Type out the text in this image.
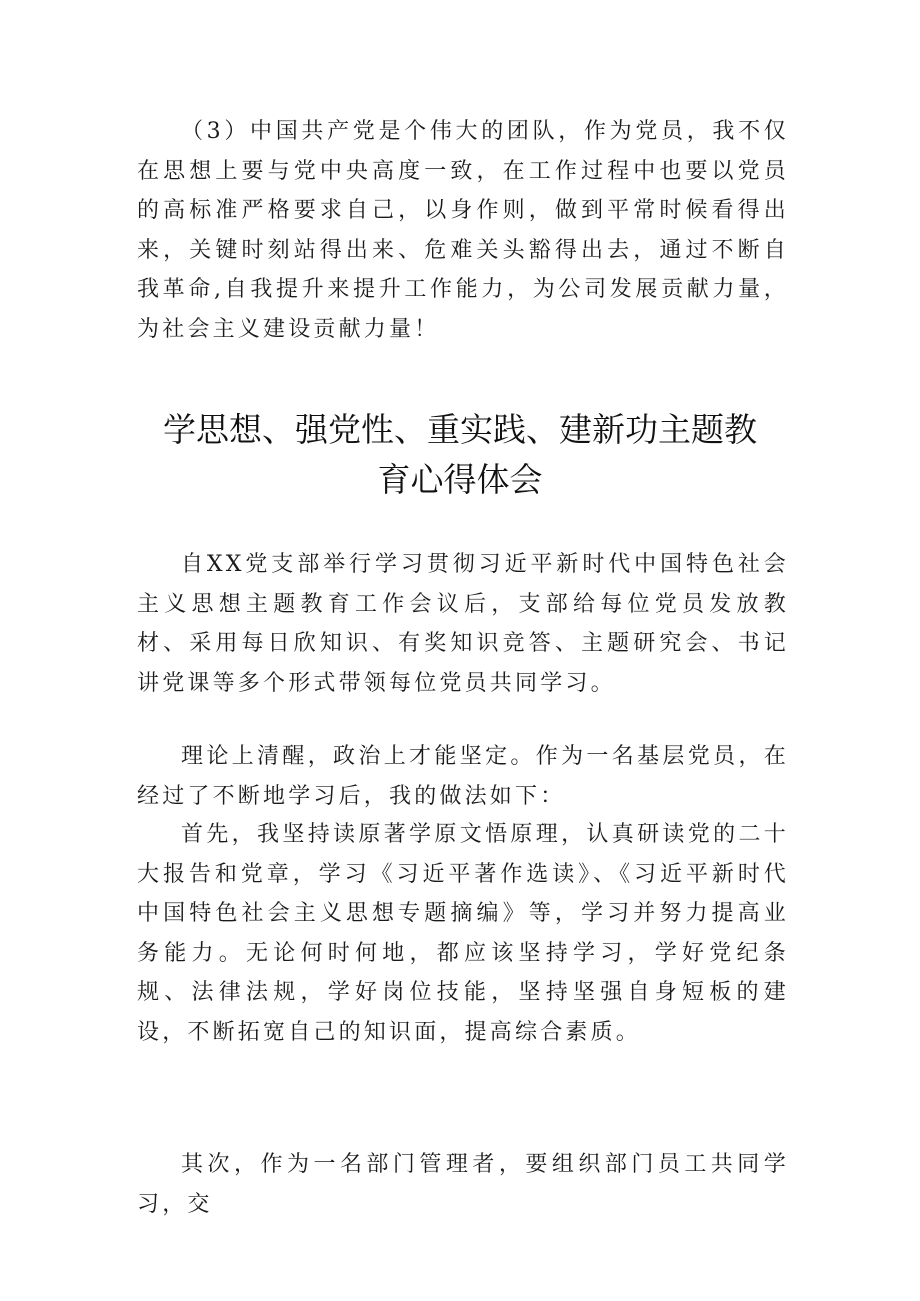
（3）中国共产党是个伟大的团队，作为党员，我不仅在思想上要与党中央高度一致，在工作过程中也要以党员的高标准严格要求自己，以身作则，做到平常时候看得出来，关键时刻站得出来、危难关头豁得出去，通过不断自我革命,自我提升来提升工作能力，为公司发展贡献力量，为社会主义建设贡献力量！

学思想、强党性、重实践、建新功主题教
育心得体会

自XX党支部举行学习贯彻习近平新时代中国特色社会主义思想主题教育工作会议后，支部给每位党员发放教材、采用每日欣知识、有奖知识竞答、主题研究会、书记讲党课等多个形式带领每位党员共同学习。

理论上清醒，政治上才能坚定。作为一名基层党员，在经过了不断地学习后，我的做法如下：

首先，我坚持读原著学原文悟原理，认真研读党的二十大报告和党章，学习《习近平著作选读》、《习近平新时代中国特色社会主义思想专题摘编》等，学习并努力提高业务能力。无论何时何地，都应该坚持学习，学好党纪条规、法律法规，学好岗位技能，坚持坚强自身短板的建设，不断拓宽自己的知识面，提高综合素质。

其次，作为一名部门管理者，要组织部门员工共同学习，交
